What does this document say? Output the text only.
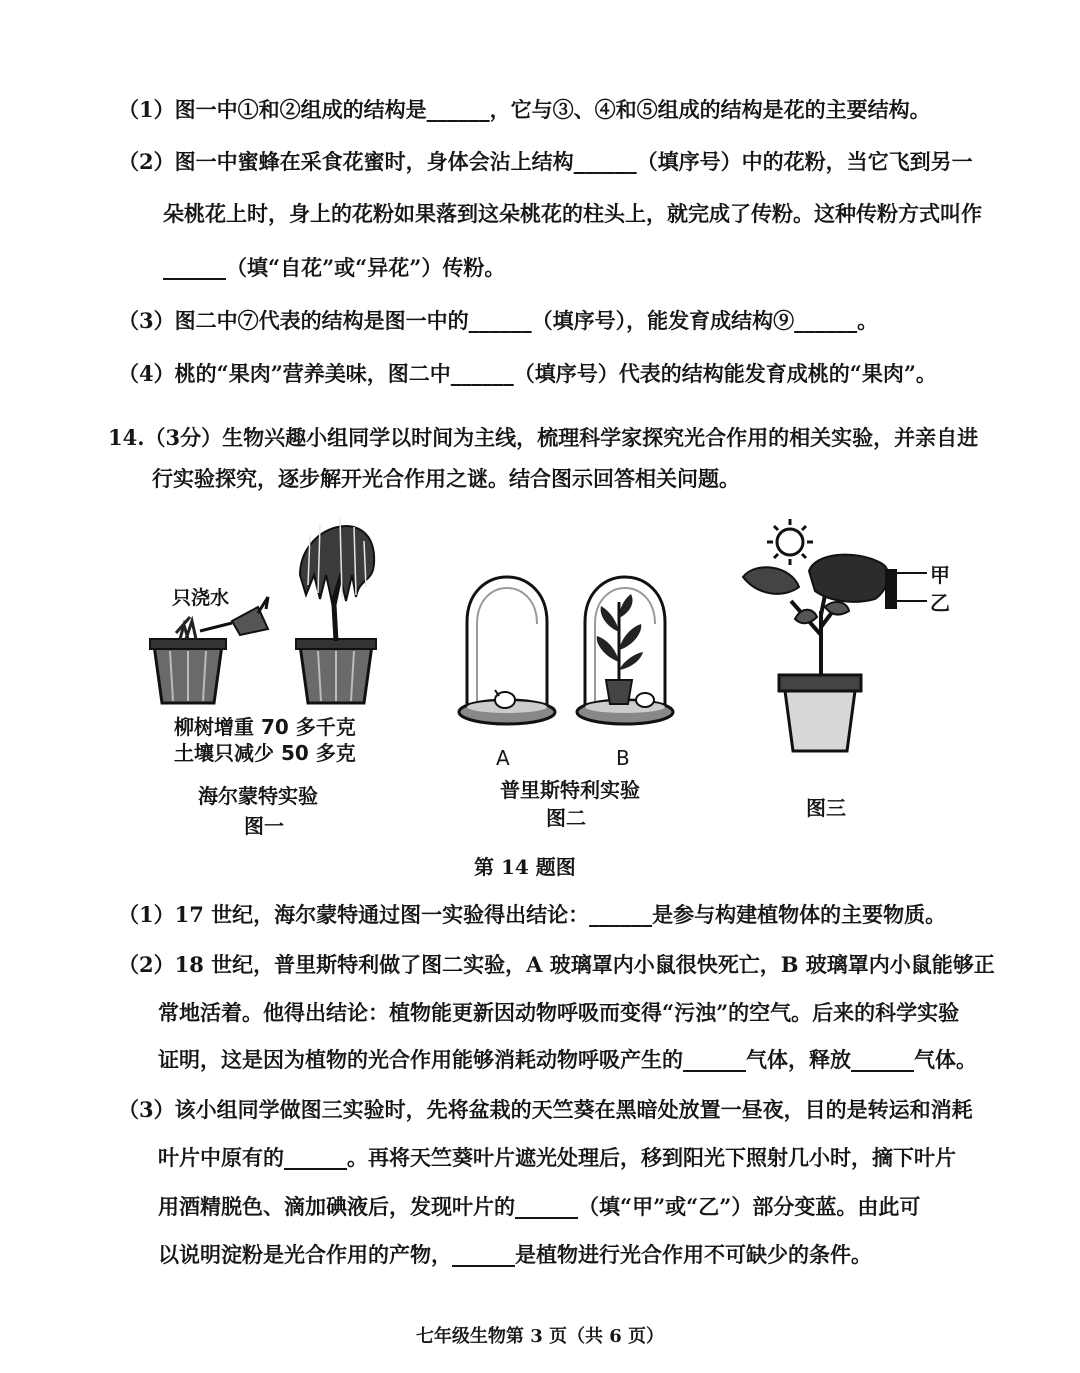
（1）图一中①和②组成的结构是______，它与③、④和⑤组成的结构是花的主要结构。
（2）图一中蜜蜂在采食花蜜时，身体会沾上结构______（填序号）中的花粉，当它飞到另一
朵桃花上时，身上的花粉如果落到这朵桃花的柱头上，就完成了传粉。这种传粉方式叫作
______（填“自花”或“异花”）传粉。
（3）图二中⑦代表的结构是图一中的______（填序号），能发育成结构⑨______。
（4）桃的“果肉”营养美味，图二中______（填序号）代表的结构能发育成桃的“果肉”。
14.（3分）生物兴趣小组同学以时间为主线，梳理科学家探究光合作用的相关实验，并亲自进
行实验探究，逐步解开光合作用之谜。结合图示回答相关问题。
只浇水
柳树增重 70 多千克
土壤只减少 50 多克
海尔蒙特实验
图一
A	B
普里斯特利实验
图二
甲
乙
图三
第 14 题图
（1）17 世纪，海尔蒙特通过图一实验得出结论：______是参与构建植物体的主要物质。
（2）18 世纪，普里斯特利做了图二实验，A 玻璃罩内小鼠很快死亡，B 玻璃罩内小鼠能够正
常地活着。他得出结论：植物能更新因动物呼吸而变得“污浊”的空气。后来的科学实验
证明，这是因为植物的光合作用能够消耗动物呼吸产生的______气体，释放______气体。
（3）该小组同学做图三实验时，先将盆栽的天竺葵在黑暗处放置一昼夜，目的是转运和消耗
叶片中原有的______。再将天竺葵叶片遮光处理后，移到阳光下照射几小时，摘下叶片
用酒精脱色、滴加碘液后，发现叶片的______（填“甲”或“乙”）部分变蓝。由此可
以说明淀粉是光合作用的产物，______是植物进行光合作用不可缺少的条件。
七年级生物第 3 页（共 6 页）
